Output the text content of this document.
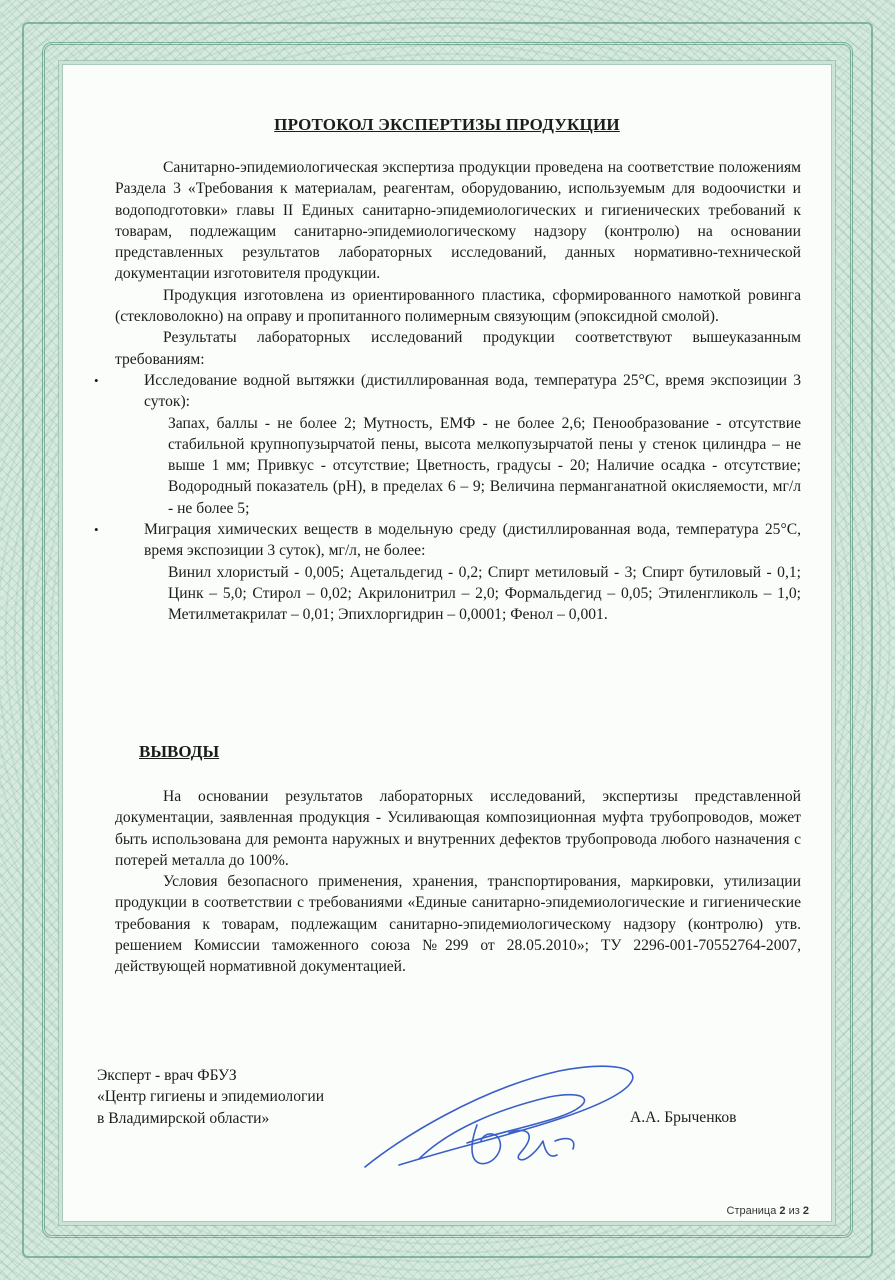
ПРОТОКОЛ ЭКСПЕРТИЗЫ ПРОДУКЦИИ

Санитарно-эпидемиологическая экспертиза продукции проведена на соответствие положениям Раздела 3 «Требования к материалам, реагентам, оборудованию, используемым для водоочистки и водоподготовки» главы II Единых санитарно-эпидемиологических и гигиенических требований к товарам, подлежащим санитарно-эпидемиологическому надзору (контролю) на основании представленных результатов лабораторных исследований, данных нормативно-технической документации изготовителя продукции.

Продукция изготовлена из ориентированного пластика, сформированного намоткой ровинга (стекловолокно) на оправу и пропитанного полимерным связующим (эпоксидной смолой).

Результаты лабораторных исследований продукции соответствуют вышеуказанным требованиям:

•	Исследование водной вытяжки (дистиллированная вода, температура 25°С, время экспозиции 3 суток):
Запах, баллы - не более 2; Мутность, ЕМФ - не более 2,6; Пенообразование - отсутствие стабильной крупнопузырчатой пены, высота мелкопузырчатой пены у стенок цилиндра – не выше 1 мм; Привкус - отсутствие; Цветность, градусы - 20; Наличие осадка - отсутствие; Водородный показатель (рН), в пределах 6 – 9; Величина перманганатной окисляемости, мг/л - не более 5;
•	Миграция химических веществ в модельную среду (дистиллированная вода, температура 25°С, время экспозиции 3 суток), мг/л, не более:
Винил хлористый - 0,005; Ацетальдегид - 0,2; Спирт метиловый - 3; Спирт бутиловый - 0,1; Цинк – 5,0; Стирол – 0,02; Акрилонитрил – 2,0; Формальдегид – 0,05; Этиленгликоль – 1,0; Метилметакрилат – 0,01; Эпихлоргидрин – 0,0001; Фенол – 0,001.
ВЫВОДЫ

На основании результатов лабораторных исследований, экспертизы представленной документации, заявленная продукция - Усиливающая композиционная муфта трубопроводов, может быть использована для ремонта наружных и внутренних дефектов трубопровода любого назначения с потерей металла до 100%.

Условия безопасного применения, хранения, транспортирования, маркировки, утилизации продукции в соответствии с требованиями «Единые санитарно-эпидемиологические и гигиенические требования к товарам, подлежащим санитарно-эпидемиологическому надзору (контролю) утв. решением Комиссии таможенного союза №299 от 28.05.2010»; ТУ 2296-001-70552764-2007, действующей нормативной документацией.

Эксперт - врач ФБУЗ
«Центр гигиены и эпидемиологии
в Владимирской области»	А.А. Брыченков
Страница 2 из 2
